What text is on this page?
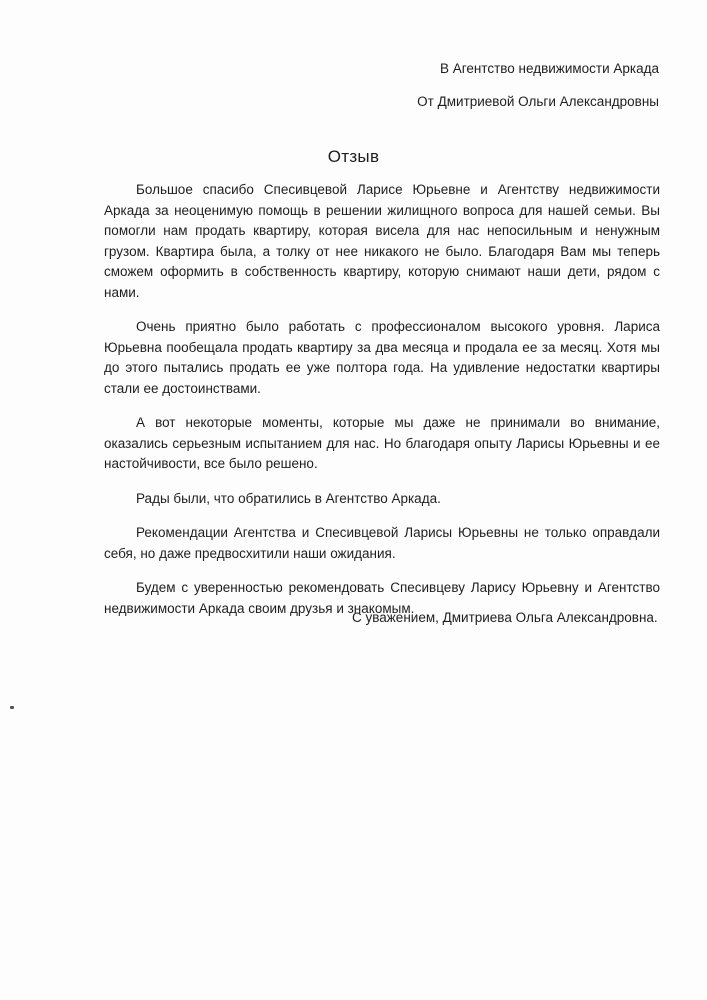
В Агентство недвижимости Аркада
От Дмитриевой Ольги Александровны
Отзыв

Большое спасибо Спесивцевой Ларисе Юрьевне и Агентству недвижимости Аркада за неоценимую помощь в решении жилищного вопроса для нашей семьи. Вы помогли нам продать квартиру, которая висела для нас непосильным и ненужным грузом. Квартира была, а толку от нее никакого не было. Благодаря Вам мы теперь сможем оформить в собственность квартиру, которую снимают наши дети, рядом с нами.

Очень приятно было работать с профессионалом высокого уровня. Лариса Юрьевна пообещала продать квартиру за два месяца и продала ее за месяц. Хотя мы до этого пытались продать ее уже полтора года. На удивление недостатки квартиры стали ее достоинствами.

А вот некоторые моменты, которые мы даже не принимали во внимание, оказались серьезным испытанием для нас. Но благодаря опыту Ларисы Юрьевны и ее настойчивости, все было решено.

Рады были, что обратились в Агентство Аркада.

Рекомендации Агентства и Спесивцевой Ларисы Юрьевны не только оправдали себя, но даже предвосхитили наши ожидания.

Будем с уверенностью рекомендовать Спесивцеву Ларису Юрьевну и Агентство недвижимости Аркада своим друзья и знакомым.

С уважением, Дмитриева Ольга Александровна.
